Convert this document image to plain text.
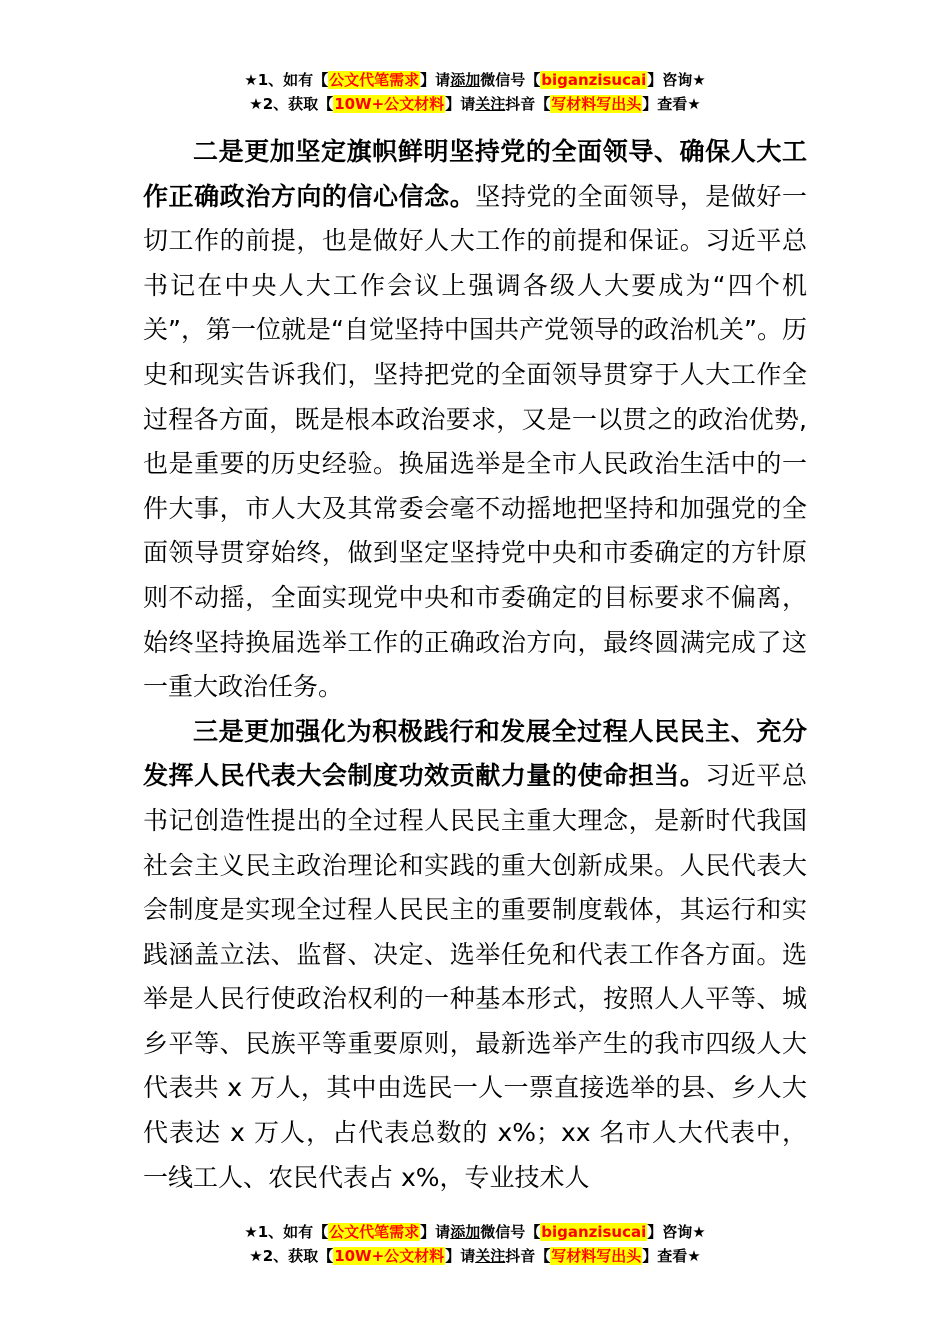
★1、如有【公文代笔需求】请添加微信号【biganzisucai】咨询★
★2、获取【10W+公文材料】请关注抖音【写材料写出头】查看★

二是更加坚定旗帜鲜明坚持党的全面领导、确保人大工作正确政治方向的信心信念。坚持党的全面领导，是做好一切工作的前提，也是做好人大工作的前提和保证。习近平总书记在中央人大工作会议上强调各级人大要成为“四个机关”，第一位就是“自觉坚持中国共产党领导的政治机关”。历史和现实告诉我们，坚持把党的全面领导贯穿于人大工作全过程各方面，既是根本政治要求，又是一以贯之的政治优势,也是重要的历史经验。换届选举是全市人民政治生活中的一件大事，市人大及其常委会毫不动摇地把坚持和加强党的全面领导贯穿始终，做到坚定坚持党中央和市委确定的方针原则不动摇，全面实现党中央和市委确定的目标要求不偏离，始终坚持换届选举工作的正确政治方向，最终圆满完成了这一重大政治任务。

三是更加强化为积极践行和发展全过程人民民主、充分发挥人民代表大会制度功效贡献力量的使命担当。习近平总书记创造性提出的全过程人民民主重大理念，是新时代我国社会主义民主政治理论和实践的重大创新成果。人民代表大会制度是实现全过程人民民主的重要制度载体，其运行和实践涵盖立法、监督、决定、选举任免和代表工作各方面。选举是人民行使政治权利的一种基本形式，按照人人平等、城乡平等、民族平等重要原则，最新选举产生的我市四级人大代表共 x 万人，其中由选民一人一票直接选举的县、乡人大代表达 x 万人，占代表总数的 x%；xx 名市人大代表中，一线工人、农民代表占 x%，专业技术人

★1、如有【公文代笔需求】请添加微信号【biganzisucai】咨询★
★2、获取【10W+公文材料】请关注抖音【写材料写出头】查看★
